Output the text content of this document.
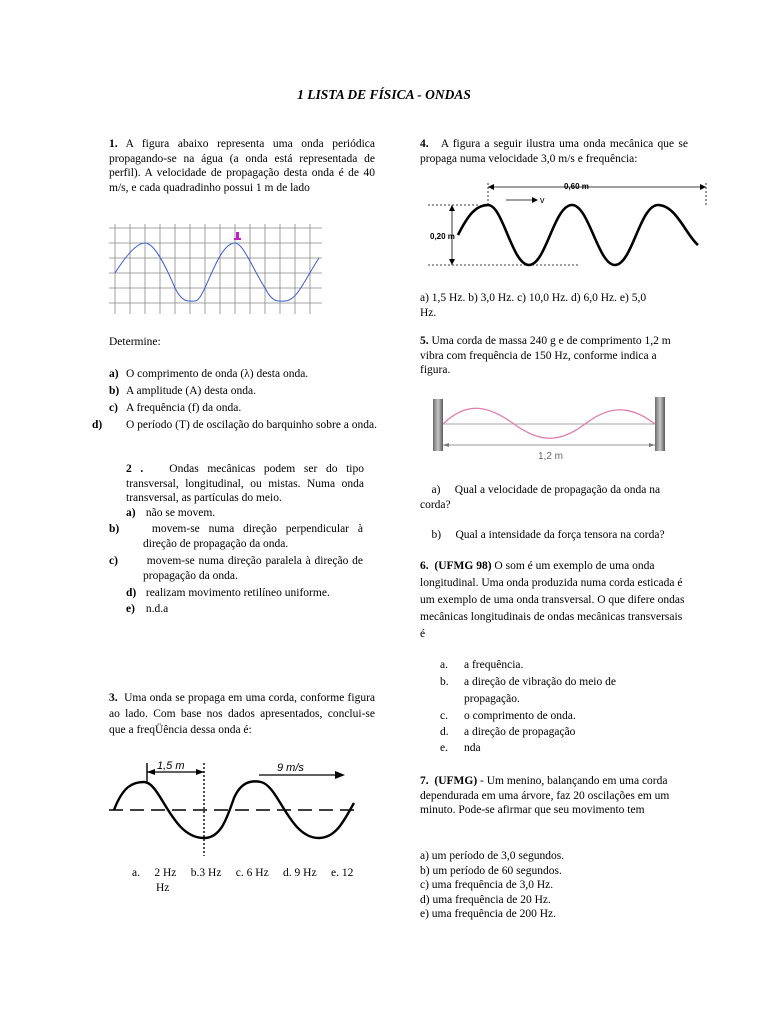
1 LISTA DE FÍSICA - ONDAS
1. A figura abaixo representa uma onda periódica propagando-se na água (a onda está representada de perfil). A velocidade de propagação desta onda é de 40 m/s, e cada quadradinho possui 1 m de lado
Determine:
a) O comprimento de onda (λ) desta onda.
b) A amplitude (A) desta onda.
c) A frequência (f) da onda.
d) O período (T) de oscilação do barquinho sobre a onda.
2 . Ondas mecânicas podem ser do tipo transversal, longitudinal, ou mistas. Numa onda transversal, as partículas do meio.
a) não se movem.
b)	movem-se numa direção perpendicular à direção de propagação da onda.
c)	movem-se numa direção paralela à direção de propagação da onda.
d) realizam movimento retilíneo uniforme.
e) n.d.a
3. Uma onda se propaga em uma corda, conforme figura ao lado. Com base nos dados apresentados, conclui-se que a freqÜência dessa onda é:
1,5 m	9 m/s
a.     2 Hz     b.3 Hz     c. 6 Hz     d. 9 Hz     e. 12
Hz
4. A figura a seguir ilustra uma onda mecânica que se propaga numa velocidade 3,0 m/s e frequência:
0,20 m
0,60 m
v
a) 1,5 Hz. b) 3,0 Hz. c) 10,0 Hz. d) 6,0 Hz. e) 5,0
Hz.
5. Uma corda de massa 240 g e de comprimento 1,2 m vibra com frequência de 150 Hz, conforme indica a figura.
1,2 m
a)     Qual a velocidade de propagação da onda na corda?
b)     Qual a intensidade da força tensora na corda?
6. (UFMG 98) O som é um exemplo de uma onda longitudinal. Uma onda produzida numa corda esticada é um exemplo de uma onda transversal. O que difere ondas mecânicas longitudinais de ondas mecânicas transversais é
a. a frequência.
b. a direção de vibração do meio de
propagação.
c. o comprimento de onda.
d. a direção de propagação
e. nda
7. (UFMG) - Um menino, balançando em uma corda dependurada em uma árvore, faz 20 oscilações em um minuto. Pode-se afirmar que seu movimento tem
a) um período de 3,0 segundos.
b) um período de 60 segundos.
c) uma frequência de 3,0 Hz.
d) uma frequência de 20 Hz.
e) uma frequência de 200 Hz.
